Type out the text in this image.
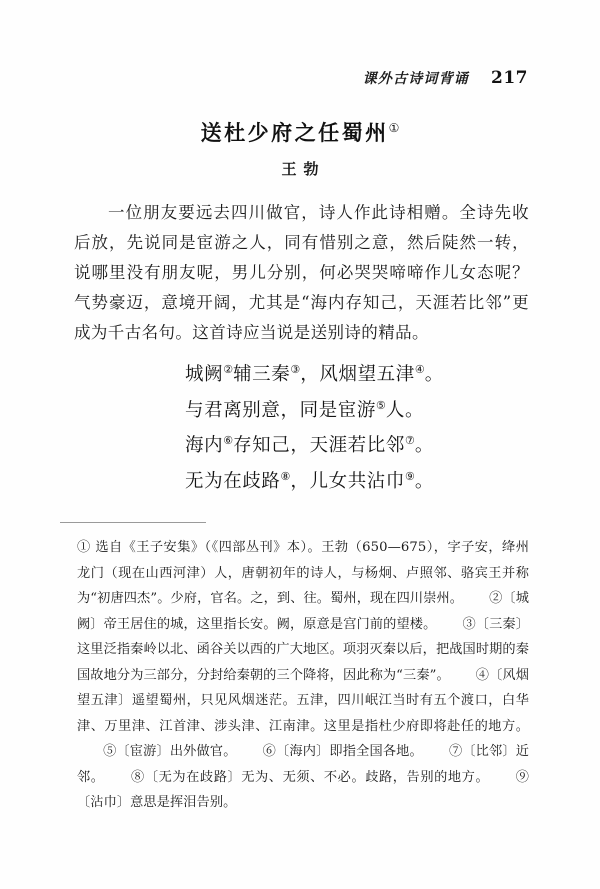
课外古诗词背诵 217
送杜少府之任蜀州①
王勃
一位朋友要远去四川做官，诗人作此诗相赠。全诗先收后放，先说同是宦游之人，同有惜别之意，然后陡然一转，说哪里没有朋友呢，男儿分别，何必哭哭啼啼作儿女态呢？气势豪迈，意境开阔，尤其是“海内存知己，天涯若比邻”更成为千古名句。这首诗应当说是送别诗的精品。
城阙②辅三秦③，风烟望五津④。
与君离别意，同是宦游⑤人。
海内⑥存知己，天涯若比邻⑦。
无为在歧路⑧，儿女共沾巾⑨。
① 选自《王子安集》（《四部丛刊》本）。王勃（650—675），字子安，绛州龙门（现在山西河津）人，唐朝初年的诗人，与杨炯、卢照邻、骆宾王并称为“初唐四杰”。少府，官名。之，到、往。蜀州，现在四川崇州。 ②〔城阙〕帝王居住的城，这里指长安。阙，原意是宫门前的望楼。 ③〔三秦〕这里泛指秦岭以北、函谷关以西的广大地区。项羽灭秦以后，把战国时期的秦国故地分为三部分，分封给秦朝的三个降将，因此称为“三秦”。 ④〔风烟望五津〕遥望蜀州，只见风烟迷茫。五津，四川岷江当时有五个渡口，白华津、万里津、江首津、涉头津、江南津。这里是指杜少府即将赴任的地方。⑤〔宦游〕出外做官。 ⑥〔海内〕即指全国各地。 ⑦〔比邻〕近邻。 ⑧〔无为在歧路〕无为、无须、不必。歧路，告别的地方。 ⑨〔沾巾〕意思是挥泪告别。
